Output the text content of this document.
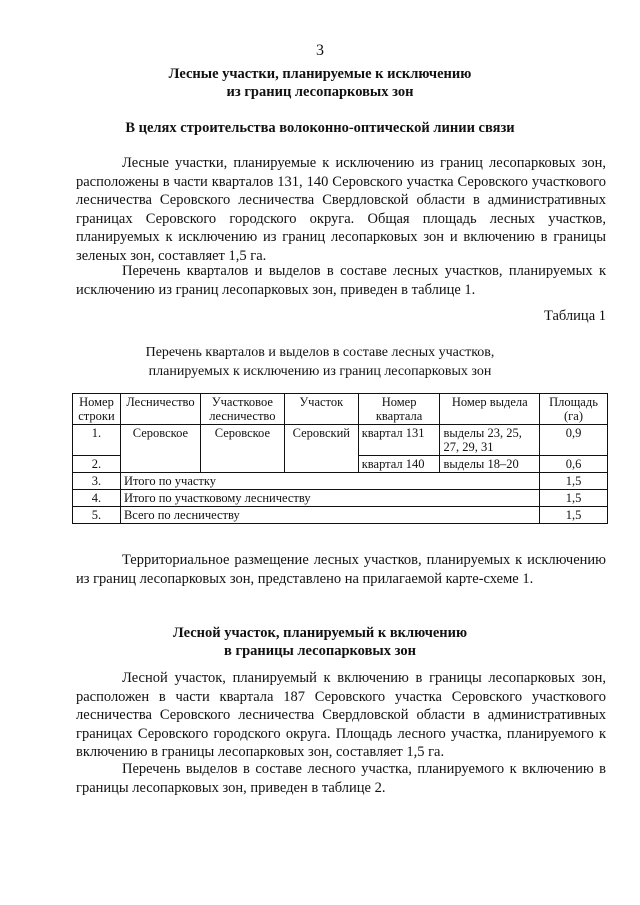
3
Лесные участки, планируемые к исключению
из границ лесопарковых зон
В целях строительства волоконно-оптической линии связи
Лесные участки, планируемые к исключению из границ лесопарковых зон, расположены в части кварталов 131, 140 Серовского участка Серовского участкового лесничества Серовского лесничества Свердловской области в административных границах Серовского городского округа. Общая площадь лесных участков, планируемых к исключению из границ лесопарковых зон и включению в границы зеленых зон, составляет 1,5 га.
Перечень кварталов и выделов в составе лесных участков, планируемых к исключению из границ лесопарковых зон, приведен в таблице 1.
Таблица 1
Перечень кварталов и выделов в составе лесных участков,
планируемых к исключению из границ лесопарковых зон
Номер строки	Лесничество	Участковое лесничество	Участок	Номер квартала	Номер выдела	Площадь (га)
1.	Серовское	Серовское	Серовский	квартал 131	выделы 23, 25, 27, 29, 31	0,9
2.				квартал 140	выделы 18–20	0,6
3.	Итого по участку					1,5
4.	Итого по участковому лесничеству					1,5
5.	Всего по лесничеству					1,5
Территориальное размещение лесных участков, планируемых к исключению из границ лесопарковых зон, представлено на прилагаемой карте-схеме 1.
Лесной участок, планируемый к включению
в границы лесопарковых зон
Лесной участок, планируемый к включению в границы лесопарковых зон, расположен в части квартала 187 Серовского участка Серовского участкового лесничества Серовского лесничества Свердловской области в административных границах Серовского городского округа. Площадь лесного участка, планируемого к включению в границы лесопарковых зон, составляет 1,5 га.
Перечень выделов в составе лесного участка, планируемого к включению в границы лесопарковых зон, приведен в таблице 2.
